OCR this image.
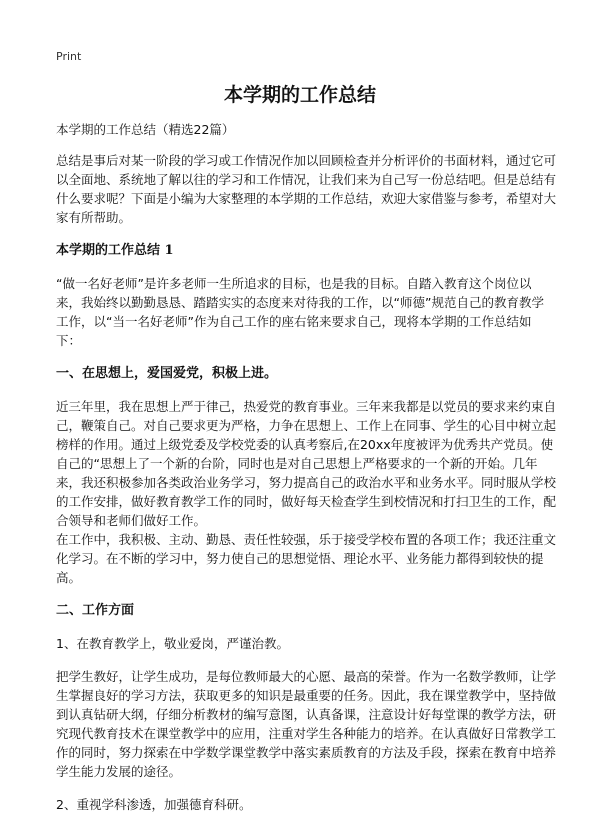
Print
本学期的工作总结

本学期的工作总结（精选22篇）

总结是事后对某一阶段的学习或工作情况作加以回顾检查并分析评价的书面材料，通过它可以全面地、系统地了解以往的学习和工作情况，让我们来为自己写一份总结吧。但是总结有什么要求呢？下面是小编为大家整理的本学期的工作总结，欢迎大家借鉴与参考，希望对大家有所帮助。

本学期的工作总结 1

“做一名好老师”是许多老师一生所追求的目标，也是我的目标。自踏入教育这个岗位以来，我始终以勤勤恳恳、踏踏实实的态度来对待我的工作，以“师德”规范自己的教育教学工作，以“当一名好老师”作为自己工作的座右铭来要求自己，现将本学期的工作总结如下：

一、在思想上，爱国爱党，积极上进。

近三年里，我在思想上严于律己，热爱党的教育事业。三年来我都是以党员的要求来约束自己，鞭策自己。对自己要求更为严格，力争在思想上、工作上在同事、学生的心目中树立起榜样的作用。通过上级党委及学校党委的认真考察后,在20xx年度被评为优秀共产党员。使自己的“思想上了一个新的台阶，同时也是对自己思想上严格要求的一个新的开始。几年来，我还积极参加各类政治业务学习，努力提高自己的政治水平和业务水平。同时服从学校的工作安排，做好教育教学工作的同时，做好每天检查学生到校情况和打扫卫生的工作，配合领导和老师们做好工作。

在工作中，我积极、主动、勤恳、责任性较强，乐于接受学校布置的各项工作；我还注重文化学习。在不断的学习中，努力使自己的思想觉悟、理论水平、业务能力都得到较快的提高。

二、工作方面

1、在教育教学上，敬业爱岗，严谨治教。

把学生教好，让学生成功，是每位教师最大的心愿、最高的荣誉。作为一名数学教师，让学生掌握良好的学习方法，获取更多的知识是最重要的任务。因此，我在课堂教学中，坚持做到认真钻研大纲，仔细分析教材的编写意图，认真备课，注意设计好每堂课的教学方法，研究现代教育技术在课堂教学中的应用，注重对学生各种能力的培养。在认真做好日常教学工作的同时，努力探索在中学数学课堂教学中落实素质教育的方法及手段，探索在教育中培养学生能力发展的途径。

2、重视学科渗透，加强德育科研。
